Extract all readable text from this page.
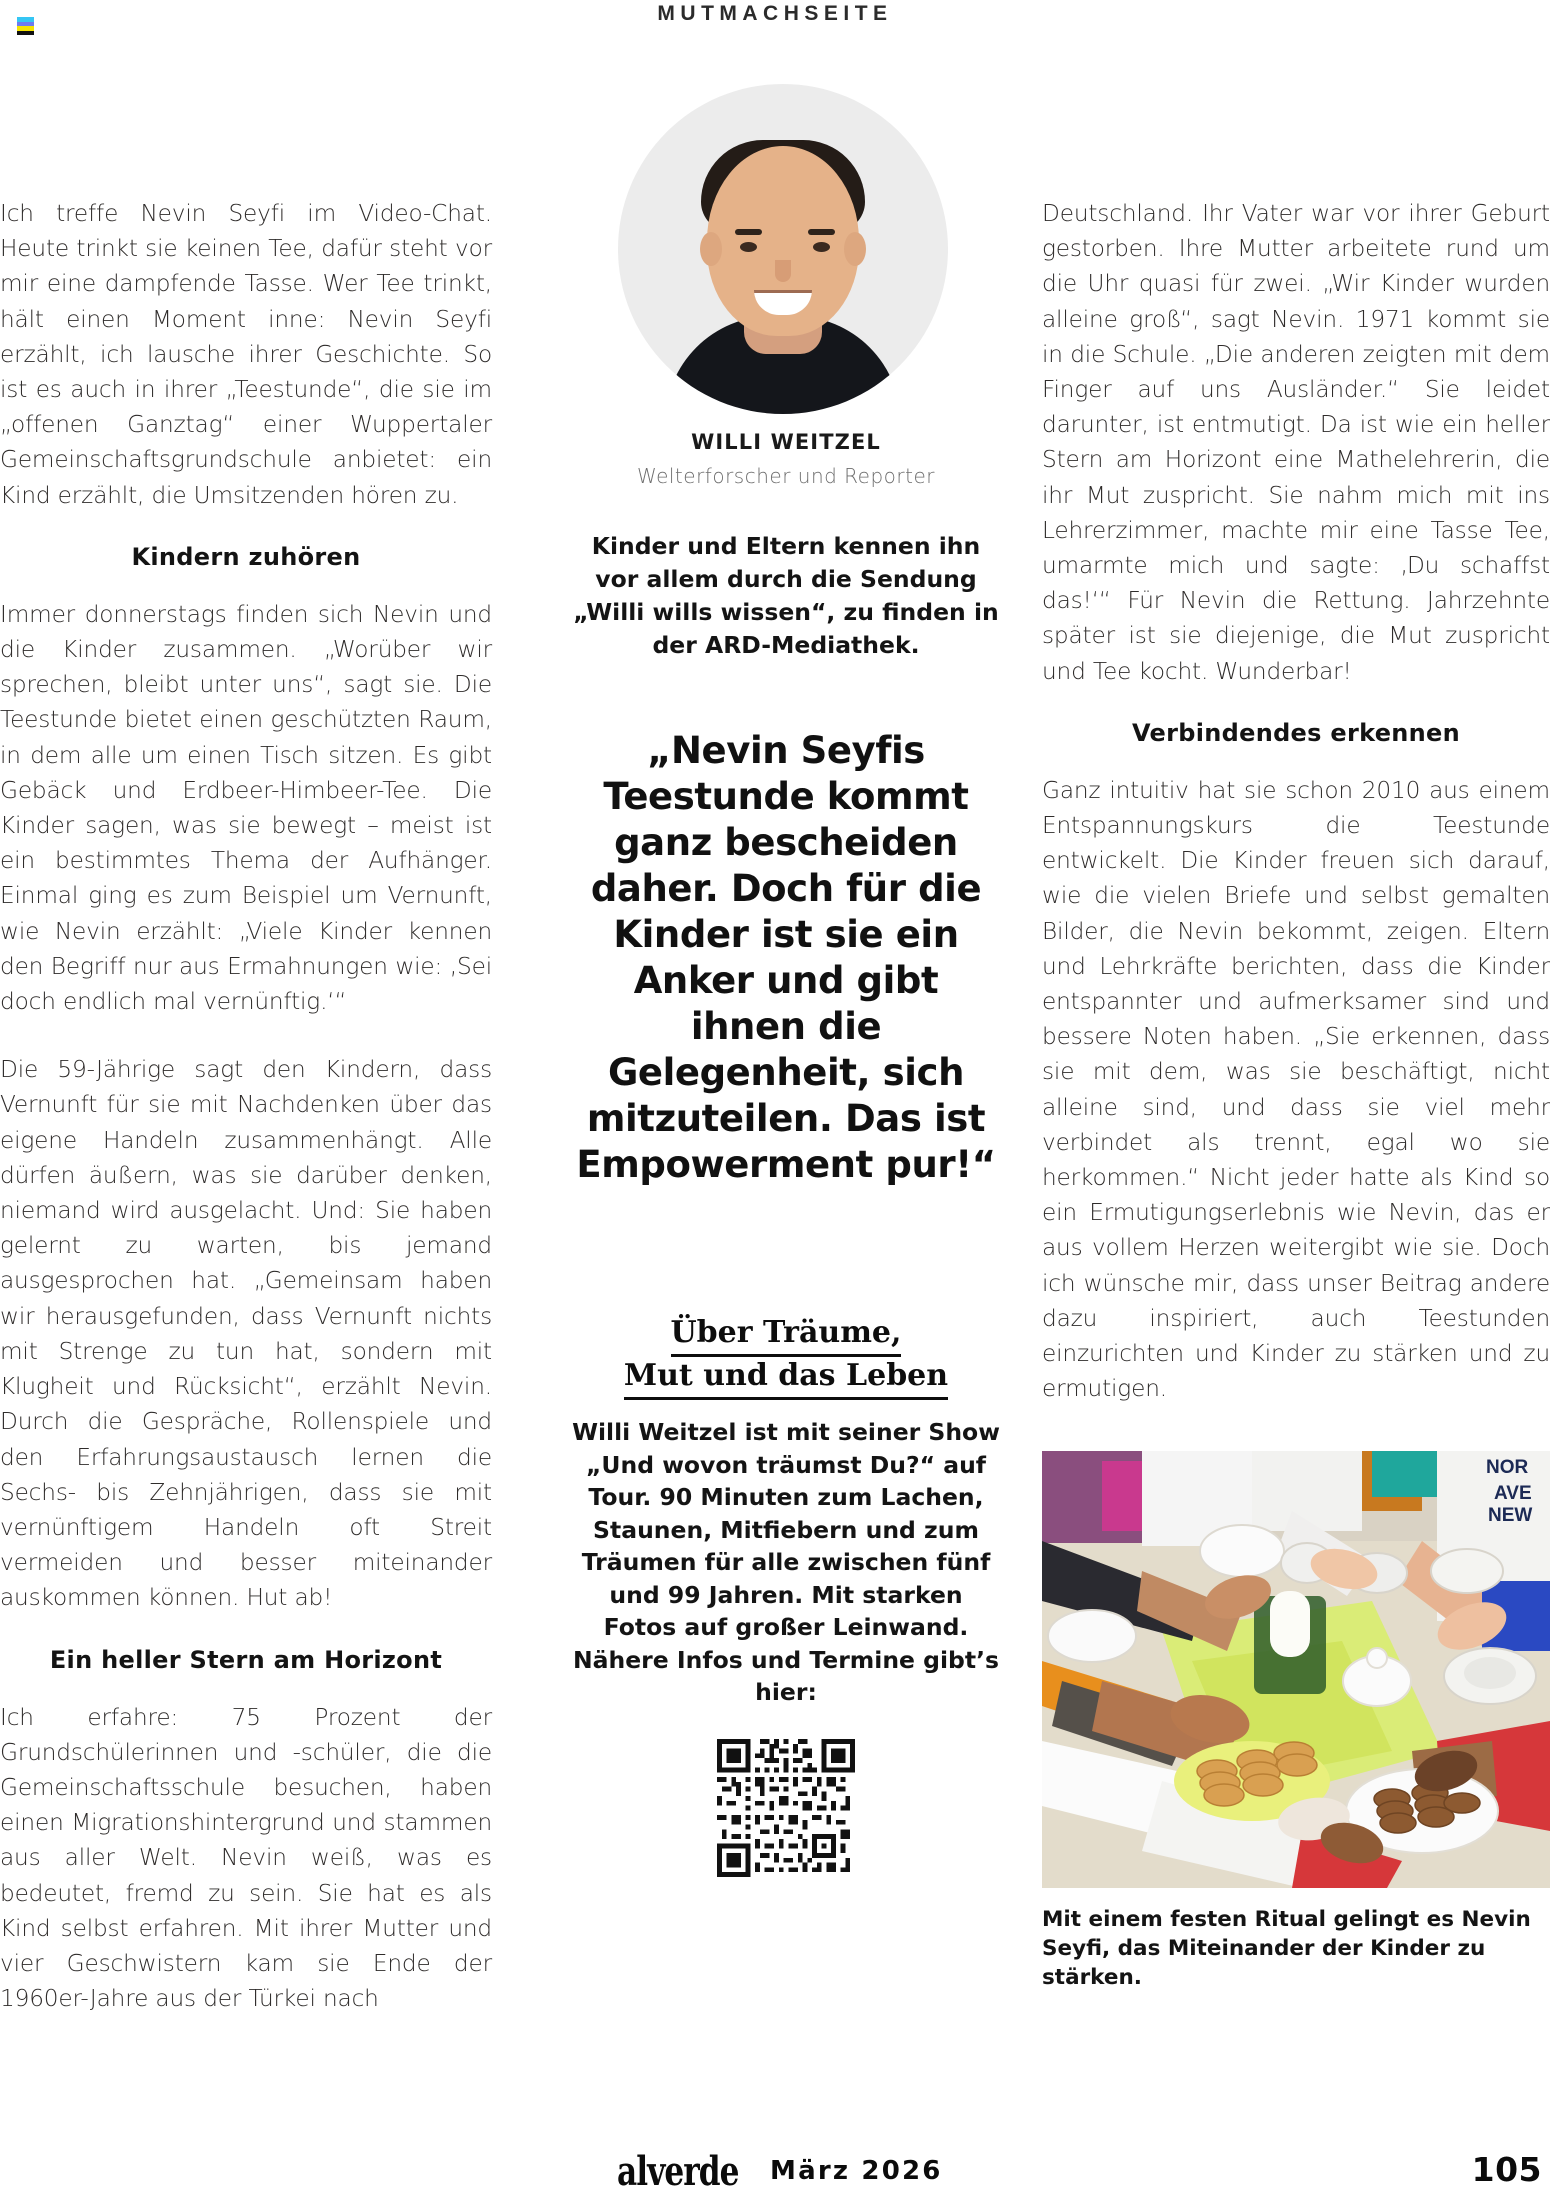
MUTMACHSEITE

Ich treffe Nevin Seyfi im Video-Chat. Heute trinkt sie keinen Tee, dafür steht vor mir eine dampfende Tasse. Wer Tee trinkt, hält einen Moment inne: Nevin Seyfi erzählt, ich lausche ihrer Geschichte. So ist es auch in ihrer „Teestunde“, die sie im „offenen Ganztag“ einer Wuppertaler Gemeinschaftsgrundschule anbietet: ein Kind erzählt, die Umsitzenden hören zu.

Kindern zuhören

Immer donnerstags finden sich Nevin und die Kinder zusammen. „Worüber wir sprechen, bleibt unter uns“, sagt sie. Die Teestunde bietet einen geschützten Raum, in dem alle um einen Tisch sitzen. Es gibt Gebäck und Erdbeer-Himbeer-Tee. Die Kinder sagen, was sie bewegt – meist ist ein bestimmtes Thema der Aufhänger. Einmal ging es zum Beispiel um Vernunft, wie Nevin erzählt: „Viele Kinder kennen den Begriff nur aus Ermahnungen wie: ‚Sei doch endlich mal vernünftig.‘“

Die 59-Jährige sagt den Kindern, dass Vernunft für sie mit Nachdenken über das eigene Handeln zusammenhängt. Alle dürfen äußern, was sie darüber denken, niemand wird ausgelacht. Und: Sie haben gelernt zu warten, bis jemand ausgesprochen hat. „Gemeinsam haben wir herausgefunden, dass Vernunft nichts mit Strenge zu tun hat, sondern mit Klugheit und Rücksicht“, erzählt Nevin. Durch die Gespräche, Rollenspiele und den Erfahrungsaustausch lernen die Sechs- bis Zehnjährigen, dass sie mit vernünftigem Handeln oft Streit vermeiden und besser miteinander auskommen können. Hut ab!

Ein heller Stern am Horizont

Ich erfahre: 75 Prozent der Grundschülerinnen und -schüler, die die Gemeinschaftsschule besuchen, haben einen Migrationshintergrund und stammen aus aller Welt. Nevin weiß, was es bedeutet, fremd zu sein. Sie hat es als Kind selbst erfahren. Mit ihrer Mutter und vier Geschwistern kam sie Ende der 1960er-Jahre aus der Türkei nach

WILLI WEITZEL

Welterforscher und Reporter

Kinder und Eltern kennen ihn vor allem durch die Sendung „Willi wills wissen“, zu finden in der ARD-Mediathek.

„Nevin Seyfis Teestunde kommt ganz bescheiden daher. Doch für die Kinder ist sie ein Anker und gibt ihnen die Gelegenheit, sich mitzuteilen. Das ist Empowerment pur!“

Über Träume,
Mut und das Leben

Willi Weitzel ist mit seiner Show „Und wovon träumst Du?“ auf Tour. 90 Minuten zum Lachen, Staunen, Mitfiebern und zum Träumen für alle zwischen fünf und 99 Jahren. Mit starken Fotos auf großer Leinwand. Nähere Infos und Termine gibt’s hier:

Deutschland. Ihr Vater war vor ihrer Geburt gestorben. Ihre Mutter arbeitete rund um die Uhr quasi für zwei. „Wir Kinder wurden alleine groß“, sagt Nevin. 1971 kommt sie in die Schule. „Die anderen zeigten mit dem Finger auf uns Ausländer.“ Sie leidet darunter, ist entmutigt. Da ist wie ein heller Stern am Horizont eine Mathelehrerin, die ihr Mut zuspricht. Sie nahm mich mit ins Lehrerzimmer, machte mir eine Tasse Tee, umarmte mich und sagte: ‚Du schaffst das!‘“ Für Nevin die Rettung. Jahrzehnte später ist sie diejenige, die Mut zuspricht und Tee kocht. Wunderbar!

Verbindendes erkennen

Ganz intuitiv hat sie schon 2010 aus einem Entspannungskurs die Teestunde entwickelt. Die Kinder freuen sich darauf, wie die vielen Briefe und selbst gemalten Bilder, die Nevin bekommt, zeigen. Eltern und Lehrkräfte berichten, dass die Kinder entspannter und aufmerksamer sind und bessere Noten haben. „Sie erkennen, dass sie mit dem, was sie beschäftigt, nicht alleine sind, und dass sie viel mehr verbindet als trennt, egal wo sie herkommen.“ Nicht jeder hatte als Kind so ein Ermutigungserlebnis wie Nevin, das er aus vollem Herzen weitergibt wie sie. Doch ich wünsche mir, dass unser Beitrag andere dazu inspiriert, auch Teestunden einzurichten und Kinder zu stärken und zu ermutigen.

NOR
AVE
NEW

Mit einem festen Ritual gelingt es Nevin Seyfi, das Miteinander der Kinder zu stärken.

alverde März 2026	105
